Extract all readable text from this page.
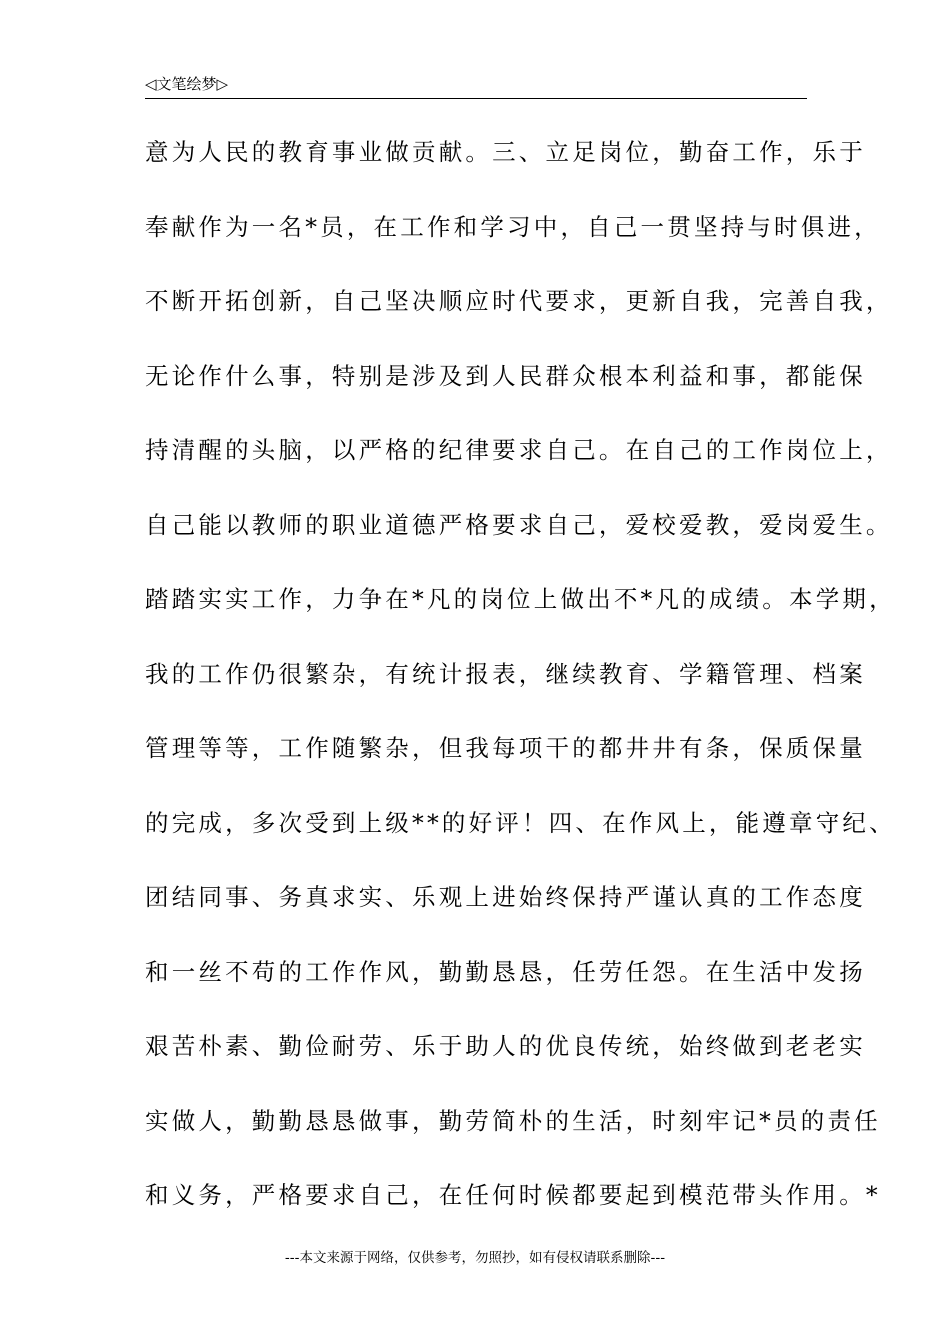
◁文笔绘梦▷
意为人民的教育事业做贡献。三、立足岗位，勤奋工作，乐于
奉献作为一名*员，在工作和学习中，自己一贯坚持与时俱进，
不断开拓创新，自己坚决顺应时代要求，更新自我，完善自我，
无论作什么事，特别是涉及到人民群众根本利益和事，都能保
持清醒的头脑，以严格的纪律要求自己。在自己的工作岗位上，
自己能以教师的职业道德严格要求自己，爱校爱教，爱岗爱生。
踏踏实实工作，力争在*凡的岗位上做出不*凡的成绩。本学期，
我的工作仍很繁杂，有统计报表，继续教育、学籍管理、档案
管理等等，工作随繁杂，但我每项干的都井井有条，保质保量
的完成，多次受到上级**的好评！四、在作风上，能遵章守纪、
团结同事、务真求实、乐观上进始终保持严谨认真的工作态度
和一丝不苟的工作作风，勤勤恳恳，任劳任怨。在生活中发扬
艰苦朴素、勤俭耐劳、乐于助人的优良传统，始终做到老老实
实做人，勤勤恳恳做事，勤劳简朴的生活，时刻牢记*员的责任
和义务，严格要求自己，在任何时候都要起到模范带头作用。*
---本文来源于网络，仅供参考，勿照抄，如有侵权请联系删除---
